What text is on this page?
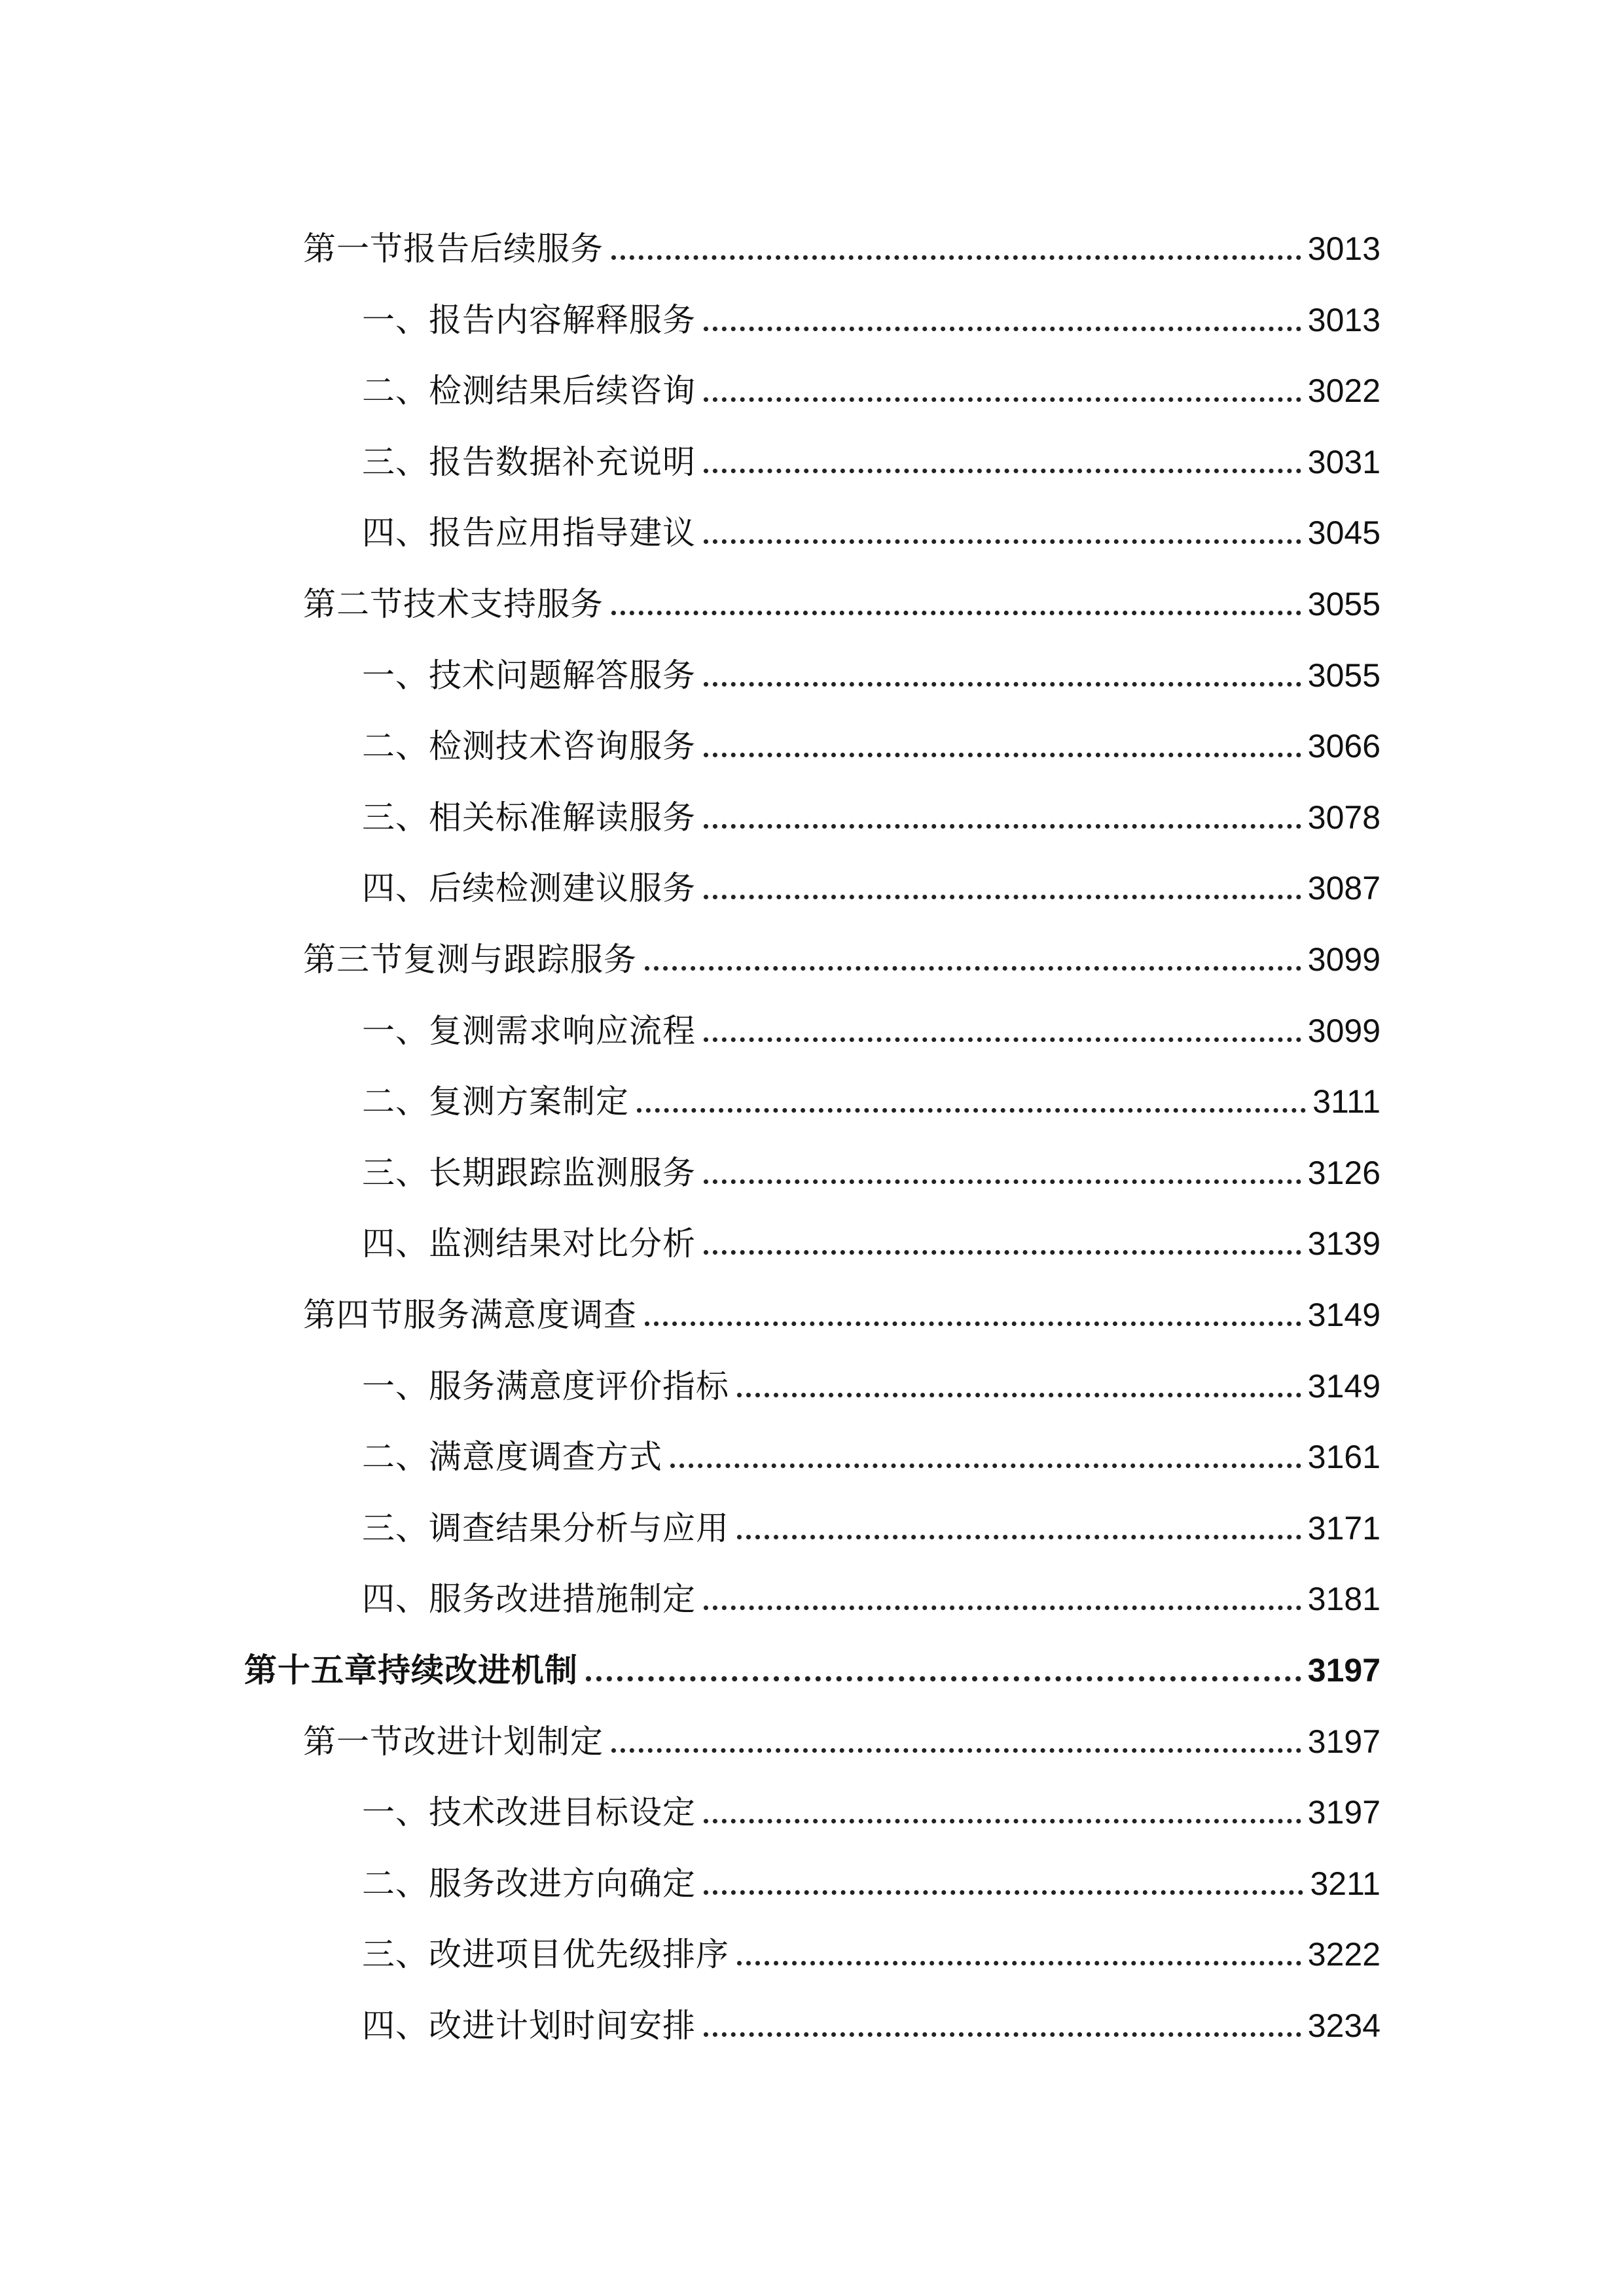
第一节报告后续服务	3013
一、报告内容解释服务	3013
二、检测结果后续咨询	3022
三、报告数据补充说明	3031
四、报告应用指导建议	3045
第二节技术支持服务	3055
一、技术问题解答服务	3055
二、检测技术咨询服务	3066
三、相关标准解读服务	3078
四、后续检测建议服务	3087
第三节复测与跟踪服务	3099
一、复测需求响应流程	3099
二、复测方案制定	3111
三、长期跟踪监测服务	3126
四、监测结果对比分析	3139
第四节服务满意度调查	3149
一、服务满意度评价指标	3149
二、满意度调查方式	3161
三、调查结果分析与应用	3171
四、服务改进措施制定	3181
第十五章持续改进机制	3197
第一节改进计划制定	3197
一、技术改进目标设定	3197
二、服务改进方向确定	3211
三、改进项目优先级排序	3222
四、改进计划时间安排	3234
